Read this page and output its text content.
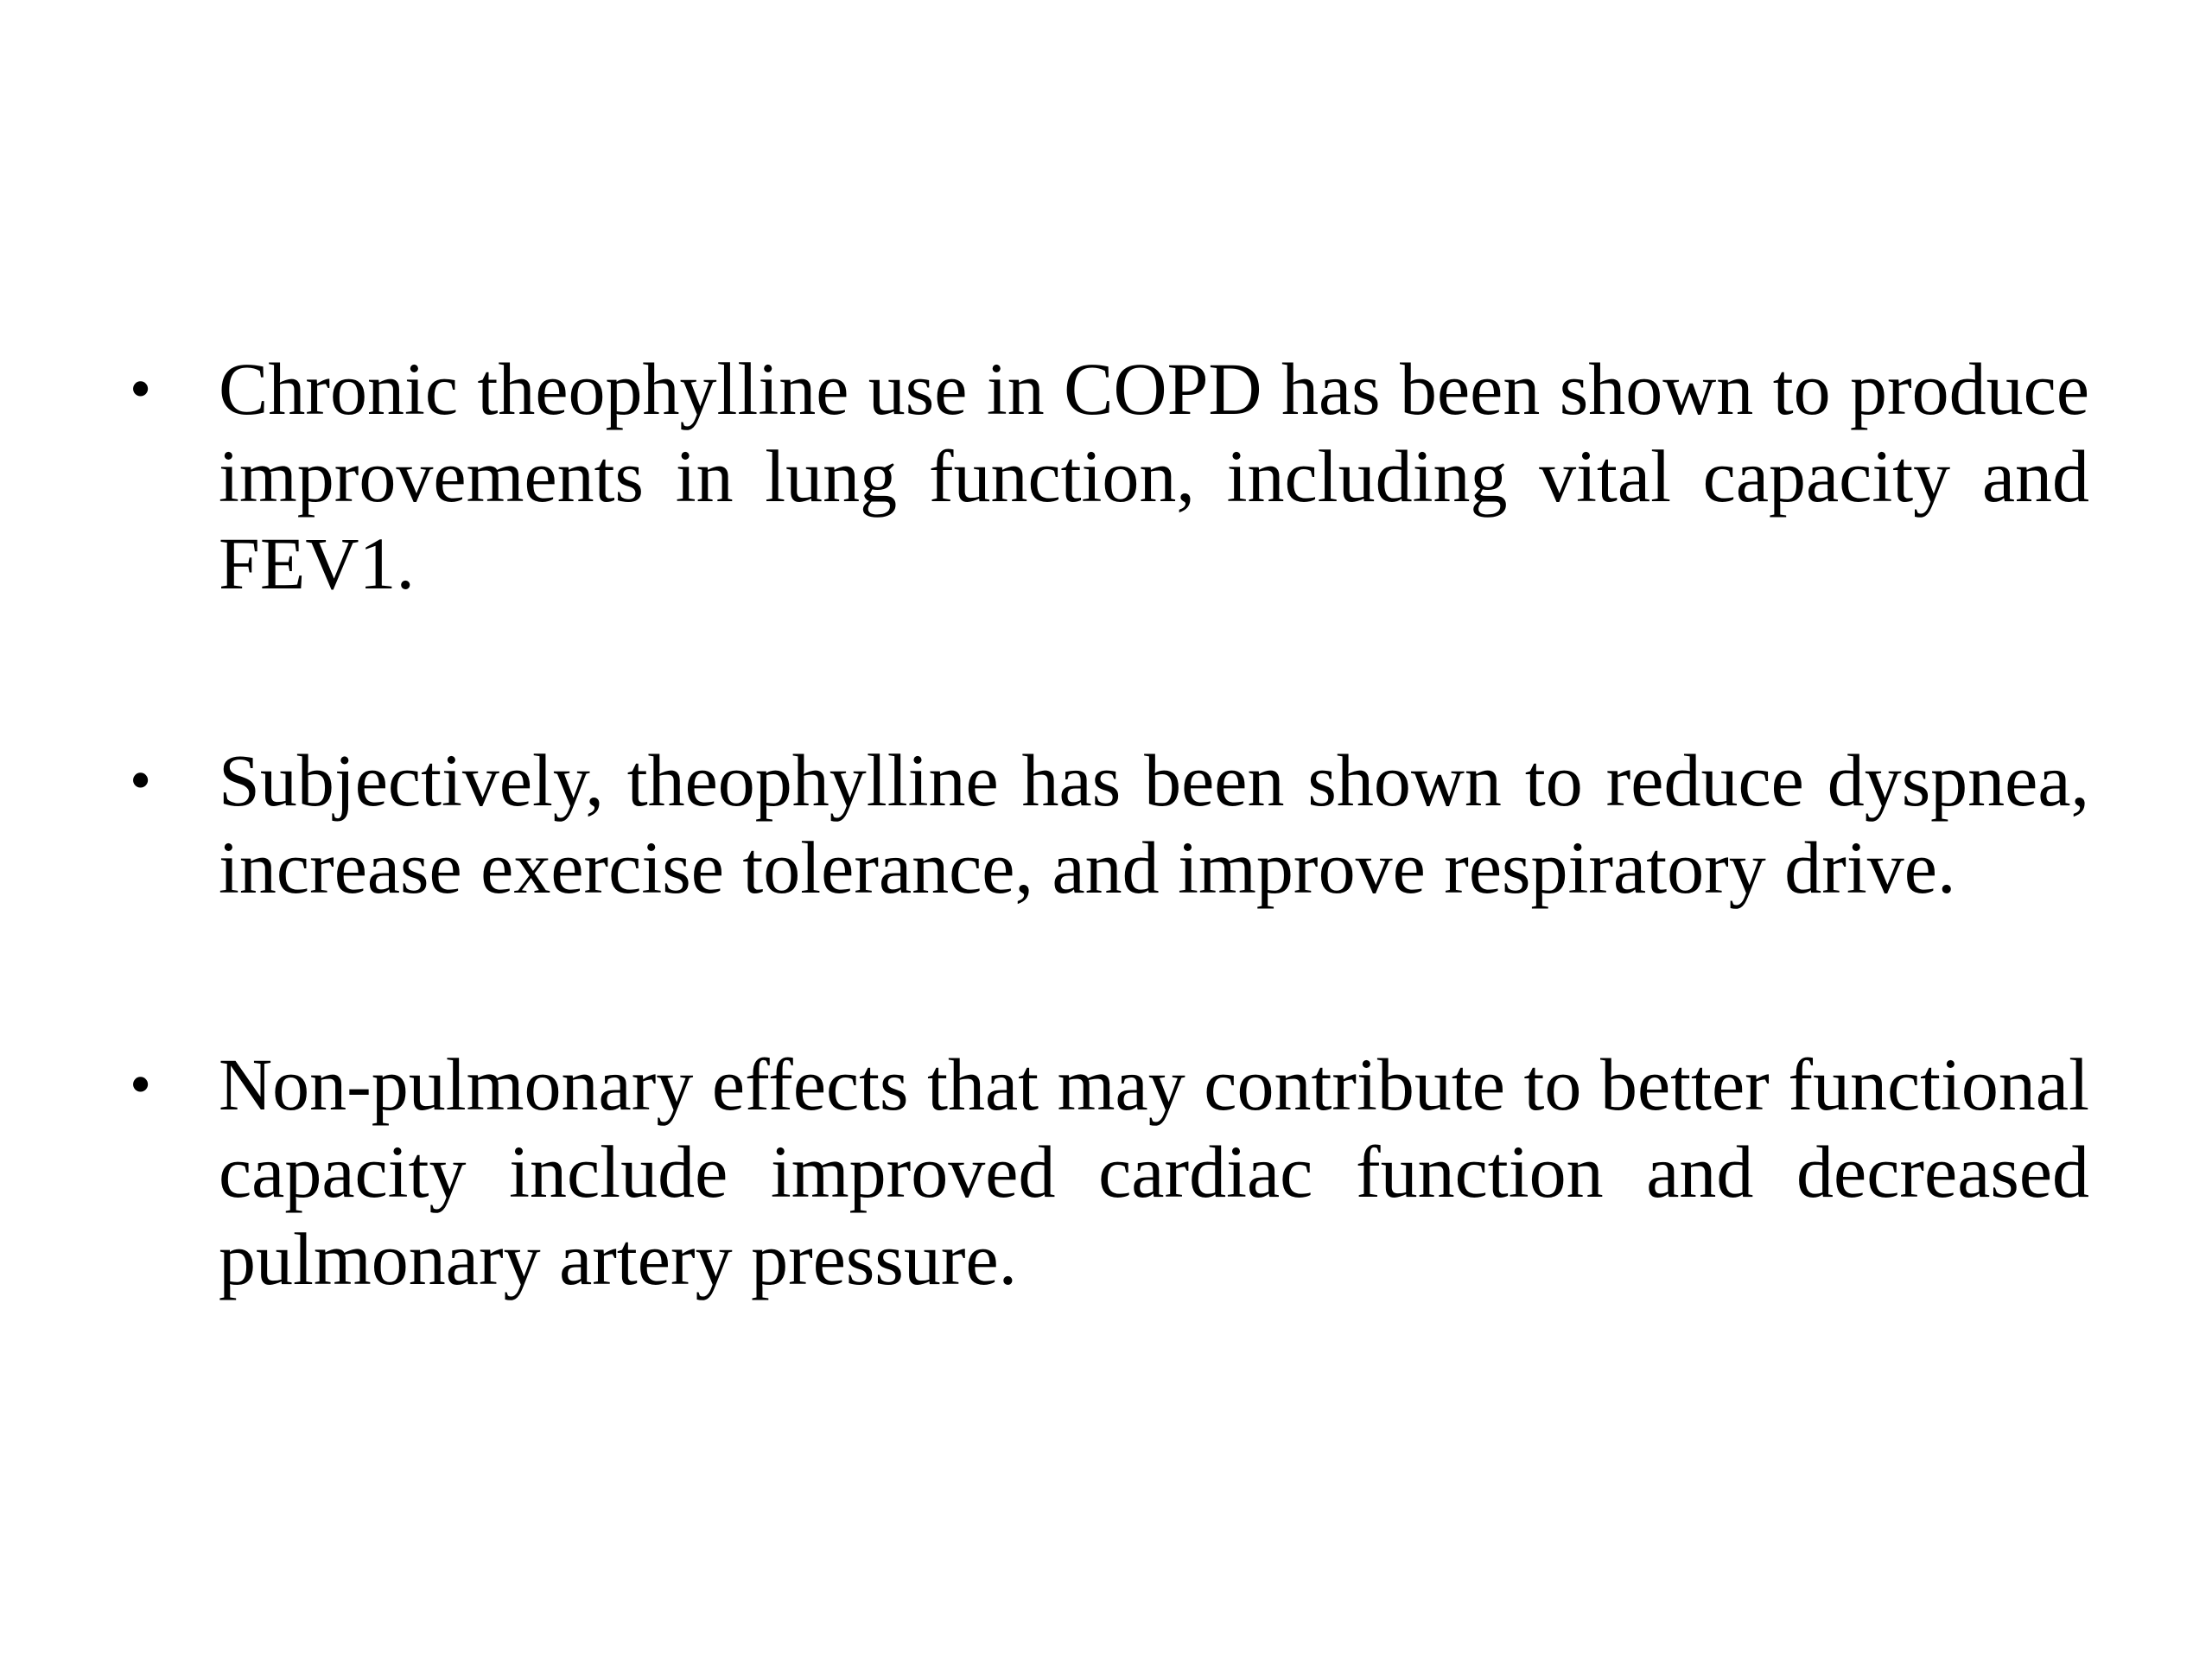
• Chronic theophylline use in COPD has been shown to produce improvements in lung function, including vital capacity and FEV1.
• Subjectively, theophylline has been shown to reduce dyspnea, increase exercise tolerance, and improve respiratory drive.
• Non-pulmonary effects that may contribute to better functional capacity include improved cardiac function and decreased pulmonary artery pressure.
